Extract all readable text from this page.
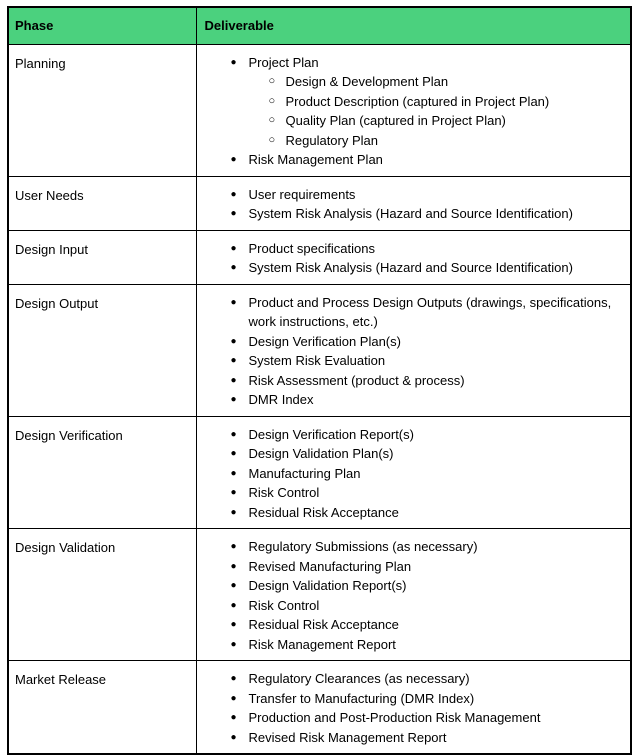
Phase	Deliverable
Planning	● Project Plan
○ Design & Development Plan
○ Product Description (captured in Project Plan)
○ Quality Plan (captured in Project Plan)
○ Regulatory Plan
● Risk Management Plan

User Needs	● User requirements
● System Risk Analysis (Hazard and Source Identification)

Design Input	● Product specifications
● System Risk Analysis (Hazard and Source Identification)

Design Output	● Product and Process Design Outputs (drawings, specifications, work instructions, etc.)
● Design Verification Plan(s)
● System Risk Evaluation
● Risk Assessment (product & process)
● DMR Index

Design Verification	● Design Verification Report(s)
● Design Validation Plan(s)
● Manufacturing Plan
● Risk Control
● Residual Risk Acceptance

Design Validation	● Regulatory Submissions (as necessary)
● Revised Manufacturing Plan
● Design Validation Report(s)
● Risk Control
● Residual Risk Acceptance
● Risk Management Report

Market Release	● Regulatory Clearances (as necessary)
● Transfer to Manufacturing (DMR Index)
● Production and Post-Production Risk Management
● Revised Risk Management Report
